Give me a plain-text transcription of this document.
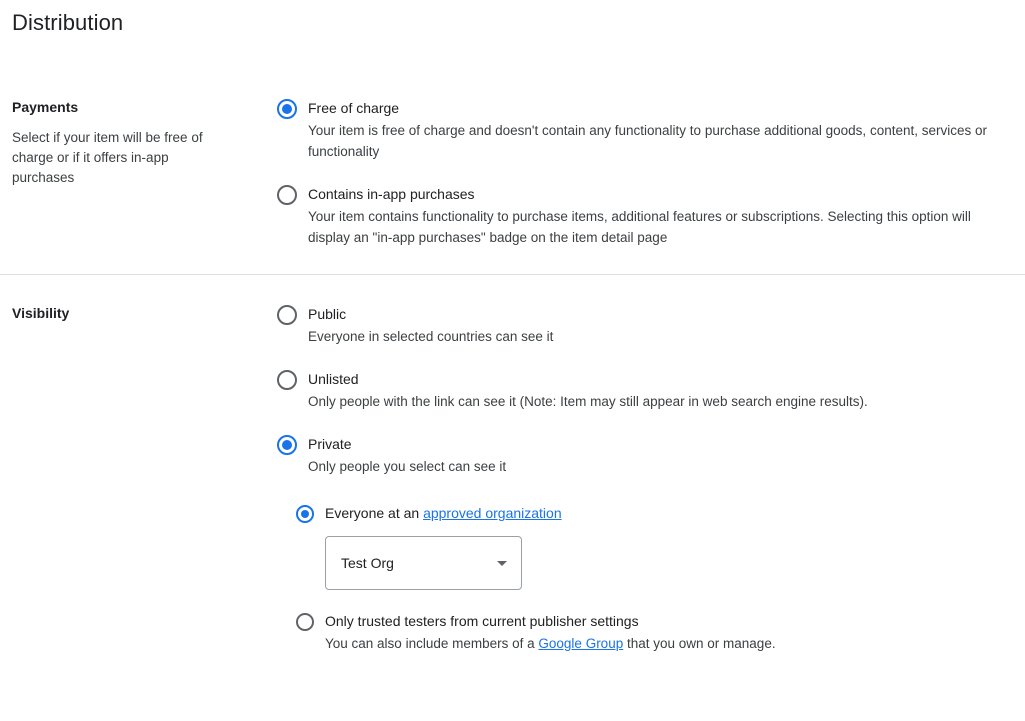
Distribution
Payments
Select if your item will be free of charge or if it offers in-app purchases
Free of charge
Your item is free of charge and doesn't contain any functionality to purchase additional goods, content, services or functionality
Contains in-app purchases
Your item contains functionality to purchase items, additional features or subscriptions. Selecting this option will display an "in-app purchases" badge on the item detail page
Visibility	Public
Everyone in selected countries can see it
Unlisted
Only people with the link can see it (Note: Item may still appear in web search engine results).
Private
Only people you select can see it
Everyone at an approved organization
Test Org
Only trusted testers from current publisher settings
You can also include members of a Google Group that you own or manage.
